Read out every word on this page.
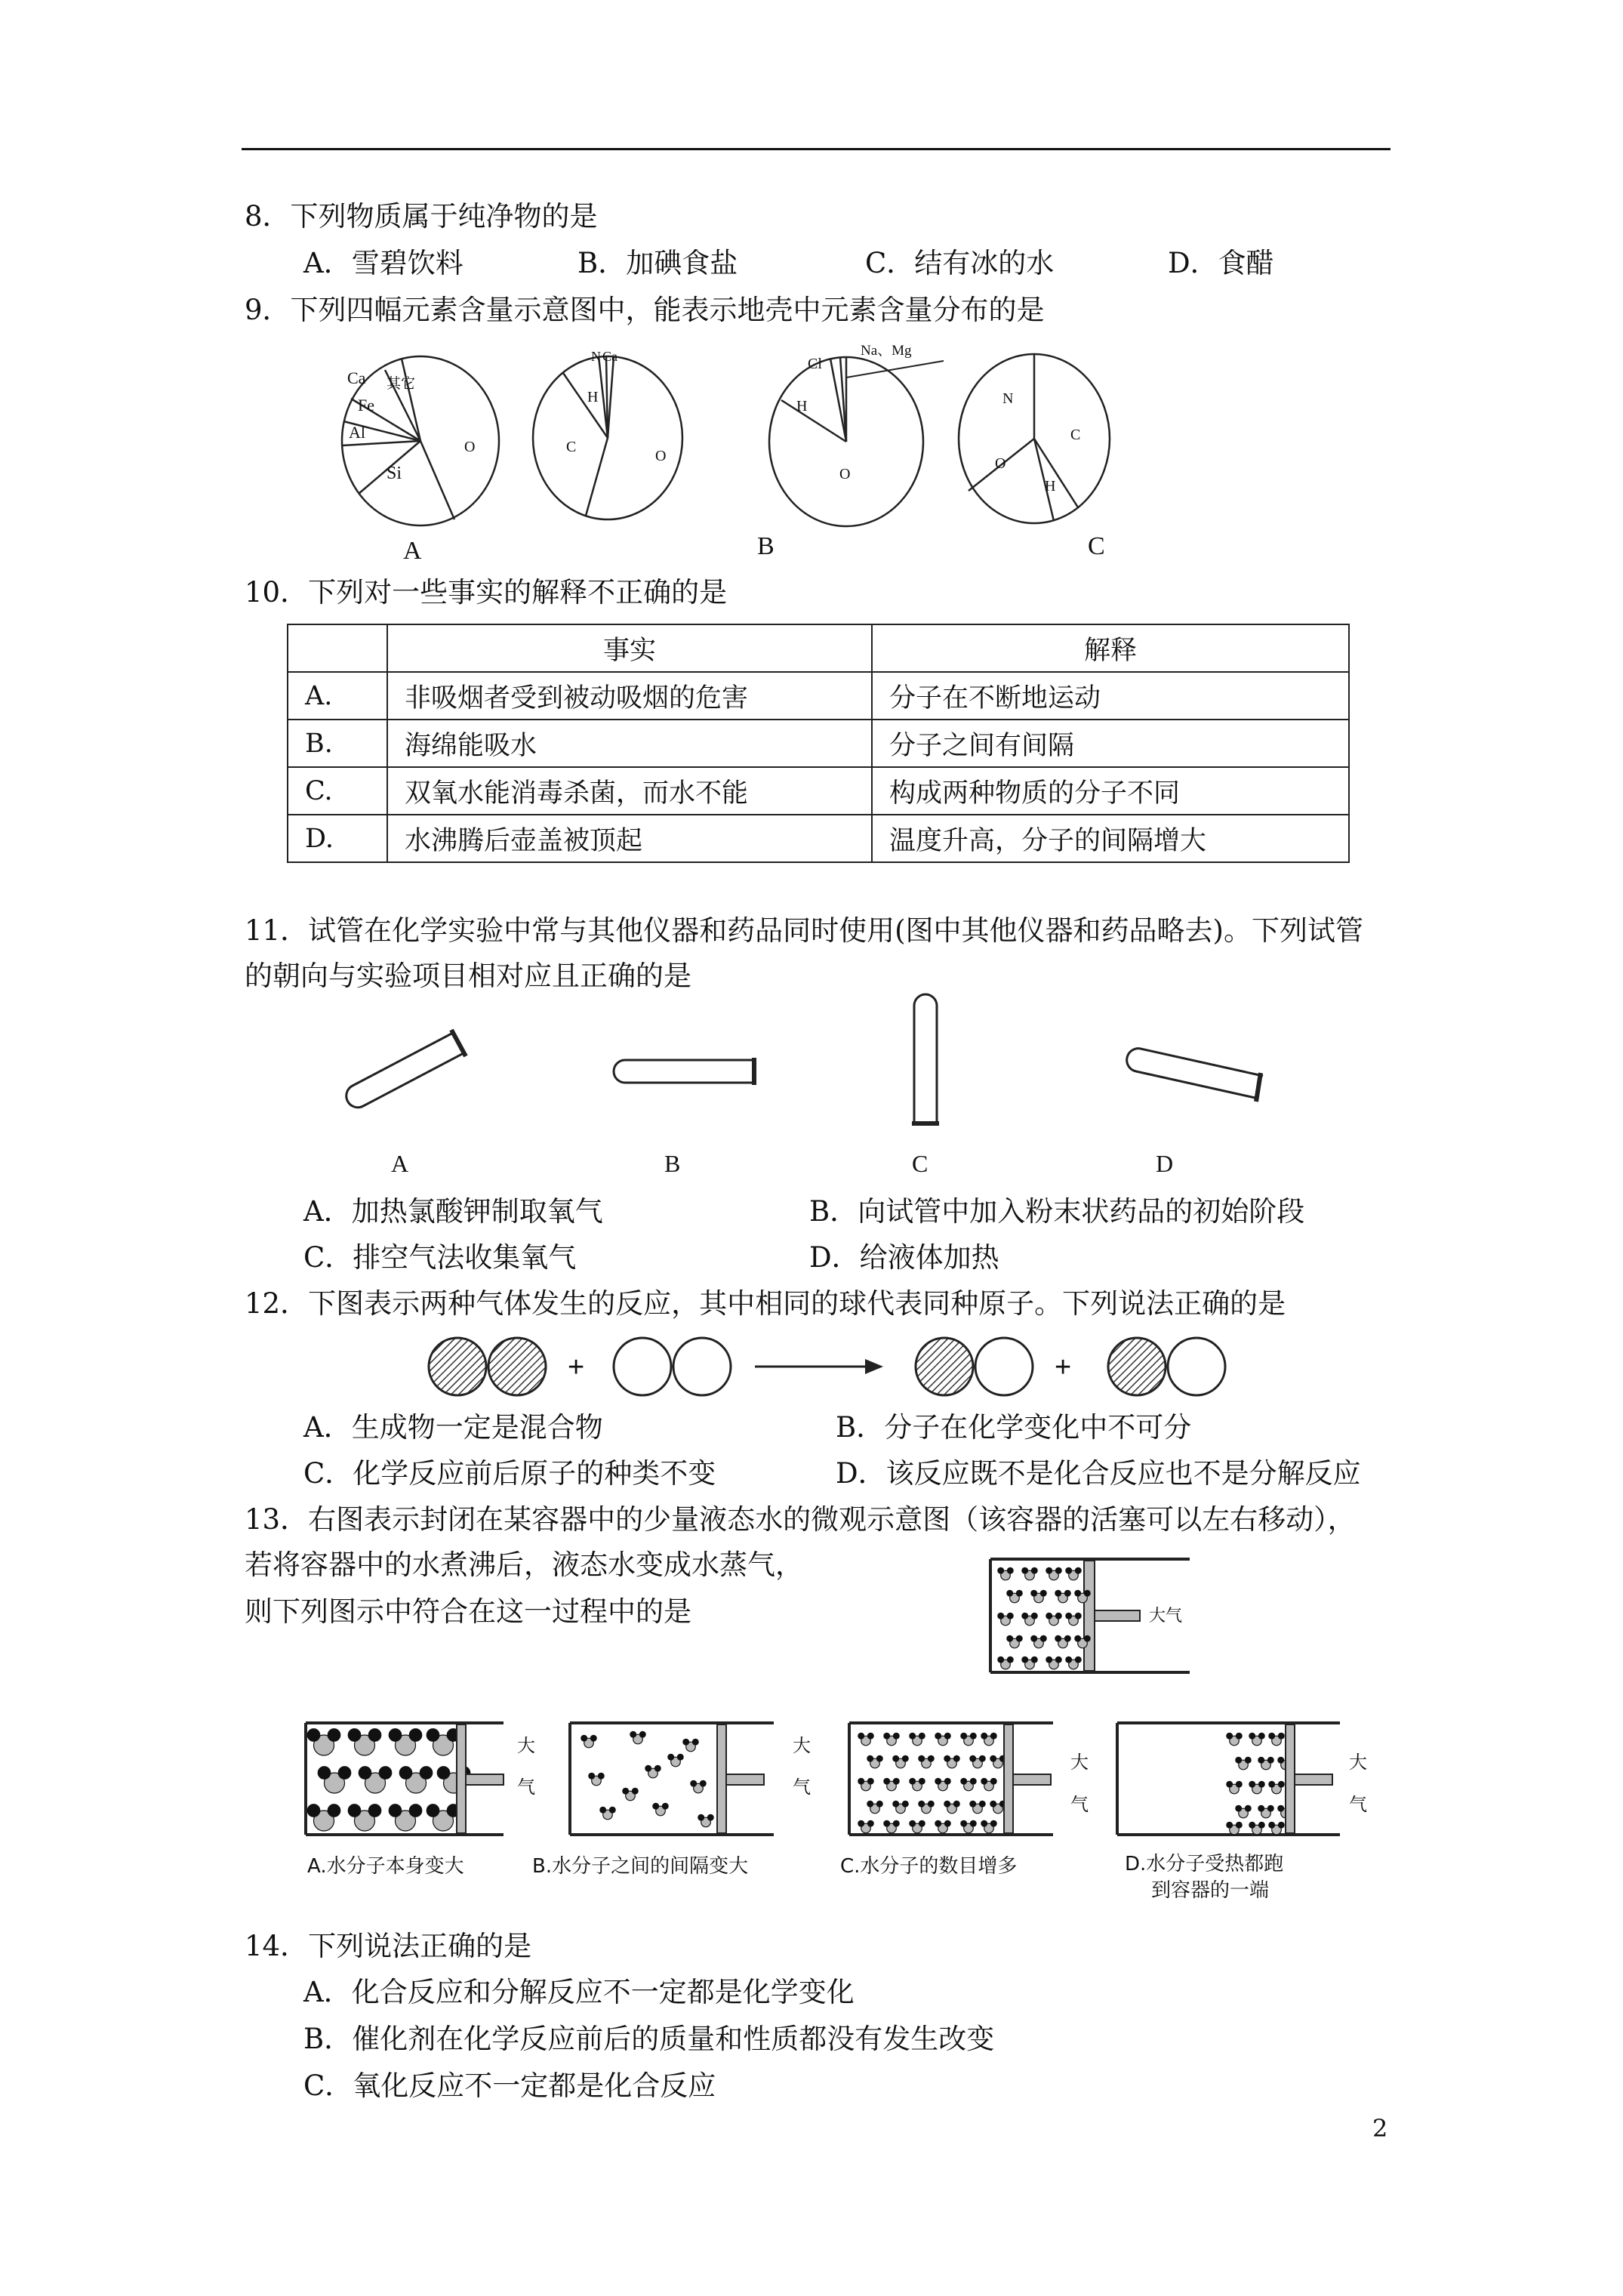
8．下列物质属于纯净物的是
A．雪碧饮料	B．加碘食盐	C．结有冰的水	D．食醋
9．下列四幅元素含量示意图中，能表示地壳中元素含量分布的是
Ca 其它
Fe
Al
Si
O
N Ca
H
C
O
Cl
Na、Mg
H
O
N
C
O
H
A	B	C
10．下列对一些事实的解释不正确的是
	事实	解释
A.	非吸烟者受到被动吸烟的危害	分子在不断地运动
B.	海绵能吸水	分子之间有间隔
C.	双氧水能消毒杀菌，而水不能	构成两种物质的分子不同
D.	水沸腾后壶盖被顶起	温度升高，分子的间隔增大
11．试管在化学实验中常与其他仪器和药品同时使用(图中其他仪器和药品略去)。下列试管
的朝向与实验项目相对应且正确的是
A	B	C	D
A．加热氯酸钾制取氧气	B．向试管中加入粉末状药品的初始阶段
C．排空气法收集氧气	D．给液体加热
12．下图表示两种气体发生的反应，其中相同的球代表同种原子。下列说法正确的是
+	+
A．生成物一定是混合物	B．分子在化学变化中不可分
C．化学反应前后原子的种类不变	D．该反应既不是化合反应也不是分解反应
13．右图表示封闭在某容器中的少量液态水的微观示意图（该容器的活塞可以左右移动），
若将容器中的水煮沸后，液态水变成水蒸气，
则下列图示中符合在这一过程中的是	大气
大
气
A.水分子本身变大
大
气
B.水分子之间的间隔变大
大
气
C.水分子的数目增多
大
气
D.水分子受热都跑
到容器的一端
14．下列说法正确的是
A．化合反应和分解反应不一定都是化学变化
B．催化剂在化学反应前后的质量和性质都没有发生改变
C．氧化反应不一定都是化合反应
2
